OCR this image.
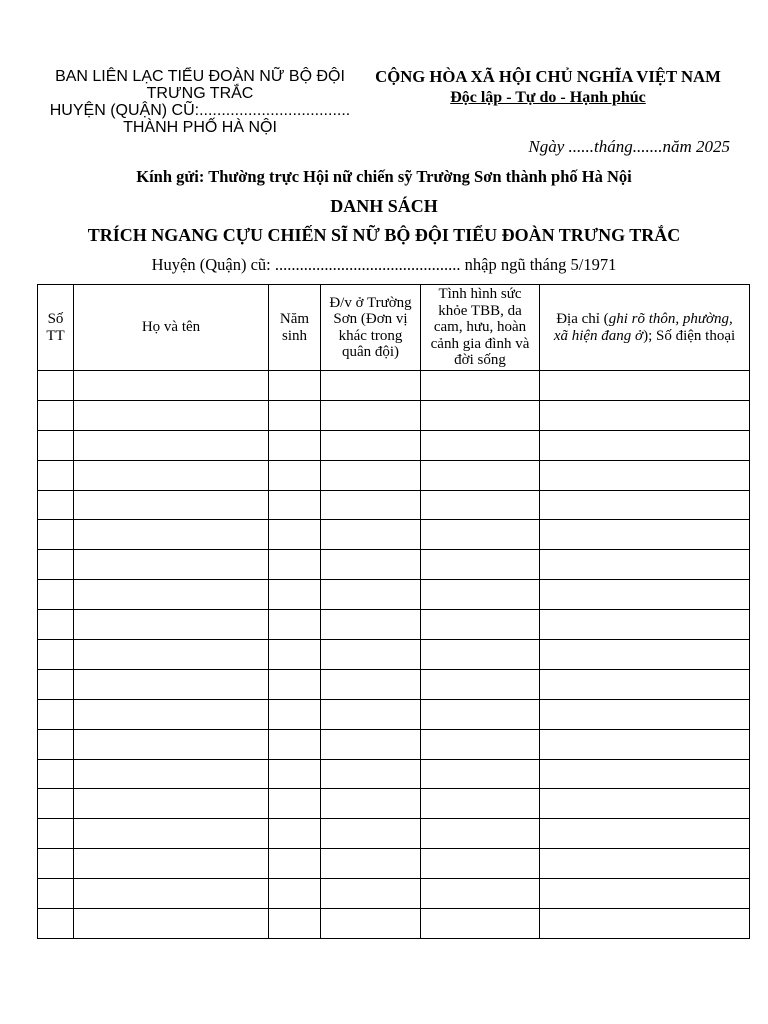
BAN LIÊN LẠC TIỂU ĐOÀN NỮ BỘ ĐỘI
TRƯNG TRẮC
HUYỆN (QUẬN) CŨ:..................................
THÀNH PHỐ HÀ NỘI
CỘNG HÒA XÃ HỘI CHỦ NGHĨA VIỆT NAM
Độc lập - Tự do - Hạnh phúc
Ngày ......tháng.......năm 2025
Kính gửi: Thường trực Hội nữ chiến sỹ Trường Sơn thành phố Hà Nội
DANH SÁCH
TRÍCH NGANG CỰU CHIẾN SĨ NỮ BỘ ĐỘI TIỂU ĐOÀN TRƯNG TRẮC
Huyện (Quận) cũ: ............................................. nhập ngũ tháng 5/1971
Số TT	Họ và tên	Năm sinh	Đ/v ở Trường Sơn (Đơn vị khác trong quân đội)	Tình hình sức khỏe TBB, da cam, hưu, hoàn cảnh gia đình và đời sống	Địa chỉ (ghi rõ thôn, phường, xã hiện đang ở); Số điện thoại
